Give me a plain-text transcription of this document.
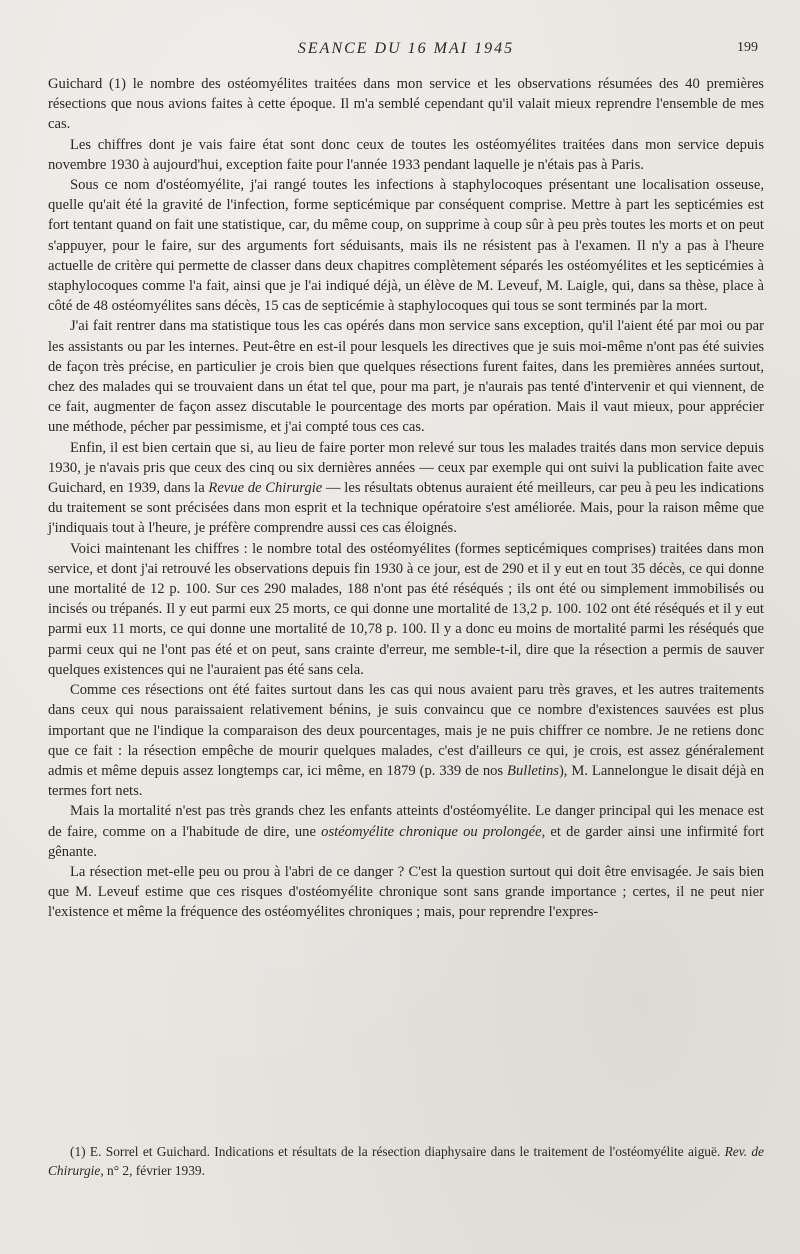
SEANCE DU 16 MAI 1945	199

Guichard (1) le nombre des ostéomyélites traitées dans mon service et les observations résumées des 40 premières résections que nous avions faites à cette époque. Il m'a semblé cependant qu'il valait mieux reprendre l'ensemble de mes cas.

Les chiffres dont je vais faire état sont donc ceux de toutes les ostéomyélites traitées dans mon service depuis novembre 1930 à aujourd'hui, exception faite pour l'année 1933 pendant laquelle je n'étais pas à Paris.

Sous ce nom d'ostéomyélite, j'ai rangé toutes les infections à staphylocoques présentant une localisation osseuse, quelle qu'ait été la gravité de l'infection, forme septicémique par conséquent comprise. Mettre à part les septicémies est fort tentant quand on fait une statistique, car, du même coup, on supprime à coup sûr à peu près toutes les morts et on peut s'appuyer, pour le faire, sur des arguments fort séduisants, mais ils ne résistent pas à l'examen. Il n'y a pas à l'heure actuelle de critère qui permette de classer dans deux chapitres complètement séparés les ostéomyélites et les septicémies à staphylocoques comme l'a fait, ainsi que je l'ai indiqué déjà, un élève de M. Leveuf, M. Laigle, qui, dans sa thèse, place à côté de 48 ostéomyélites sans décès, 15 cas de septicémie à staphylocoques qui tous se sont terminés par la mort.

J'ai fait rentrer dans ma statistique tous les cas opérés dans mon service sans exception, qu'il l'aient été par moi ou par les assistants ou par les internes. Peut-être en est-il pour lesquels les directives que je suis moi-même n'ont pas été suivies de façon très précise, en particulier je crois bien que quelques résections furent faites, dans les premières années surtout, chez des malades qui se trouvaient dans un état tel que, pour ma part, je n'aurais pas tenté d'intervenir et qui viennent, de ce fait, augmenter de façon assez discutable le pourcentage des morts par opération. Mais il vaut mieux, pour apprécier une méthode, pécher par pessimisme, et j'ai compté tous ces cas.

Enfin, il est bien certain que si, au lieu de faire porter mon relevé sur tous les malades traités dans mon service depuis 1930, je n'avais pris que ceux des cinq ou six dernières années — ceux par exemple qui ont suivi la publication faite avec Guichard, en 1939, dans la Revue de Chirurgie — les résultats obtenus auraient été meilleurs, car peu à peu les indications du traitement se sont précisées dans mon esprit et la technique opératoire s'est améliorée. Mais, pour la raison même que j'indiquais tout à l'heure, je préfère comprendre aussi ces cas éloignés.

Voici maintenant les chiffres : le nombre total des ostéomyélites (formes septicémiques comprises) traitées dans mon service, et dont j'ai retrouvé les observations depuis fin 1930 à ce jour, est de 290 et il y eut en tout 35 décès, ce qui donne une mortalité de 12 p. 100. Sur ces 290 malades, 188 n'ont pas été réséqués ; ils ont été ou simplement immobilisés ou incisés ou trépanés. Il y eut parmi eux 25 morts, ce qui donne une mortalité de 13,2 p. 100. 102 ont été réséqués et il y eut parmi eux 11 morts, ce qui donne une mortalité de 10,78 p. 100. Il y a donc eu moins de mortalité parmi les réséqués que parmi ceux qui ne l'ont pas été et on peut, sans crainte d'erreur, me semble-t-il, dire que la résection a permis de sauver quelques existences qui ne l'auraient pas été sans cela.

Comme ces résections ont été faites surtout dans les cas qui nous avaient paru très graves, et les autres traitements dans ceux qui nous paraissaient relativement bénins, je suis convaincu que ce nombre d'existences sauvées est plus important que ne l'indique la comparaison des deux pourcentages, mais je ne puis chiffrer ce nombre. Je ne retiens donc que ce fait : la résection empêche de mourir quelques malades, c'est d'ailleurs ce qui, je crois, est assez généralement admis et même depuis assez longtemps car, ici même, en 1879 (p. 339 de nos Bulletins), M. Lannelongue le disait déjà en termes fort nets.

Mais la mortalité n'est pas très grands chez les enfants atteints d'ostéomyélite. Le danger principal qui les menace est de faire, comme on a l'habitude de dire, une ostéomyélite chronique ou prolongée, et de garder ainsi une infirmité fort gênante.

La résection met-elle peu ou prou à l'abri de ce danger ? C'est la question surtout qui doit être envisagée. Je sais bien que M. Leveuf estime que ces risques d'ostéomyélite chronique sont sans grande importance ; certes, il ne peut nier l'existence et même la fréquence des ostéomyélites chroniques ; mais, pour reprendre l'expres-

(1) E. Sorrel et Guichard. Indications et résultats de la résection diaphysaire dans le traitement de l'ostéomyélite aiguë. Rev. de Chirurgie, n° 2, février 1939.
